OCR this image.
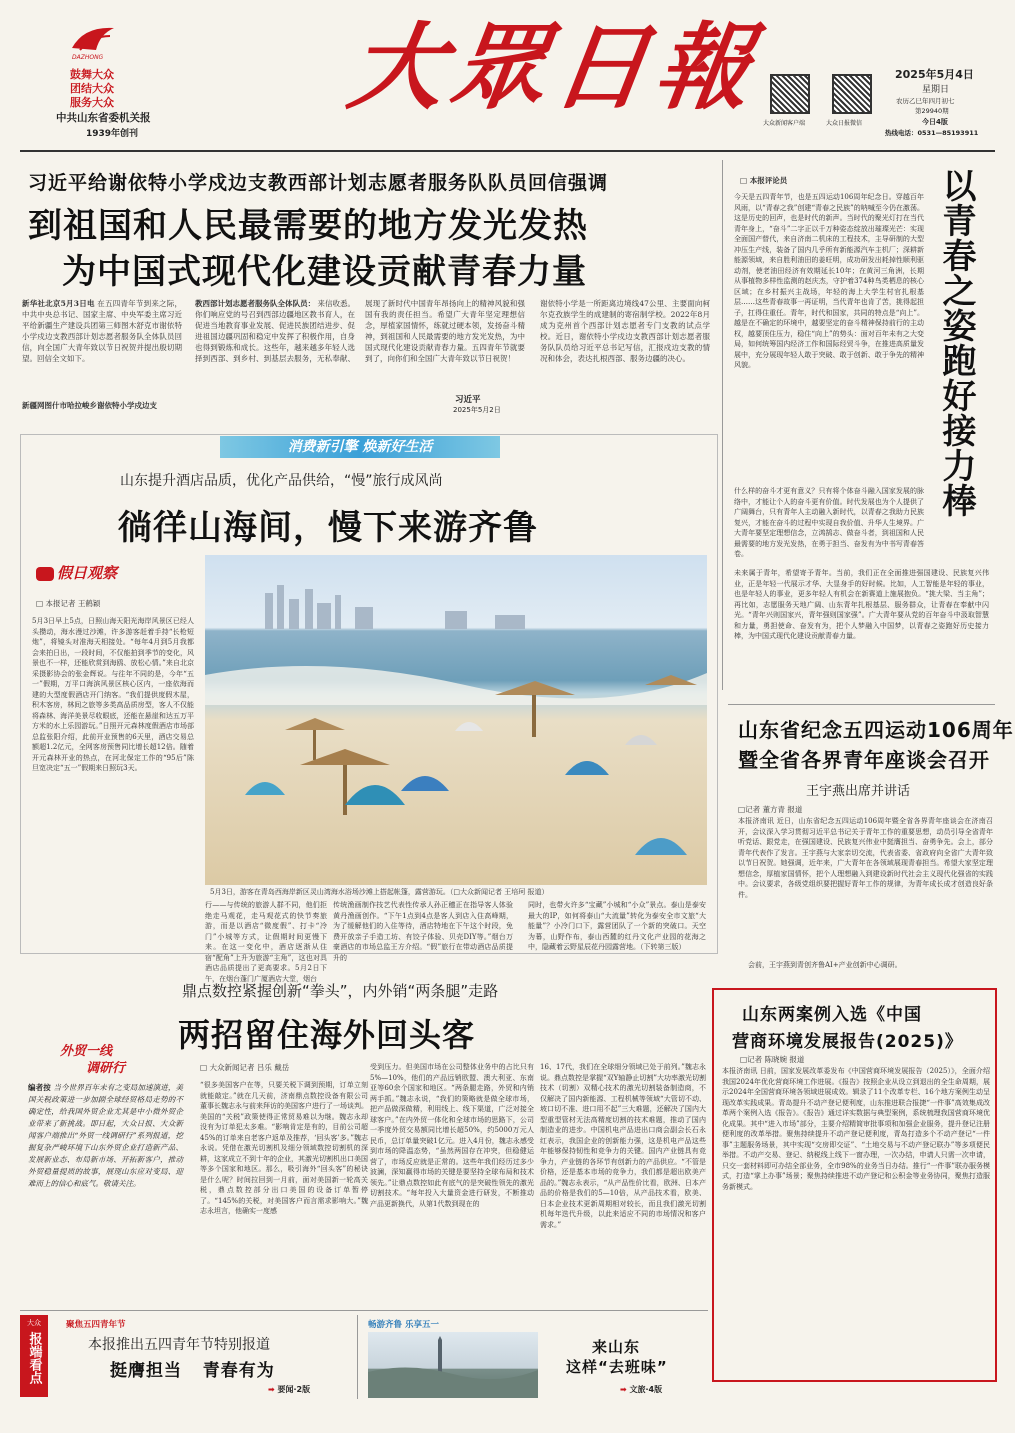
DAZHONG
鼓舞大众
团结大众
服务大众
中共山东省委机关报
1939年创刊
大眾日報
大众新闻客户端	大众日报微信
2025年5月4日
星期日
农历乙巳年四月初七
第29940期
今日4版
热线电话：0531—85193911
习近平给谢依特小学戍边支教西部计划志愿者服务队队员回信强调
到祖国和人民最需要的地方发光发热
为中国式现代化建设贡献青春力量
新华社北京5月3日电 在五四青年节到来之际，中共中央总书记、国家主席、中央军委主席习近平给新疆生产建设兵团第三师图木舒克市谢依特小学戍边支教西部计划志愿者服务队全体队员回信，向全国广大青年致以节日祝贺并提出殷切期望。回信全文如下。
新疆网图什市哈拉峻乡谢依特小学戍边支
教西部计划志愿者服务队全体队员： 来信收悉。你们响应党的号召到西部边疆地区教书育人，在促进当地教育事业发展、促进民族团结进步、促进祖国边疆巩固和稳定中发挥了积极作用，自身也得到锻炼和成长。这些年，越来越多年轻人选择到西部、到乡村、到基层去服务，无私奉献、展现了新时代中国青年昂扬向上的精神风貌和强国有我的责任担当。希望广大青年坚定理想信念，厚植家国情怀，练就过硬本领，发扬奋斗精神，到祖国和人民最需要的地方发光发热，为中国式现代化建设贡献青春力量。五四青年节就要到了，向你们和全国广大青年致以节日祝贺！
习近平
2025年5月2日
谢依特小学是一所距离边境线47公里、主要面向柯尔克孜族学生的成建制的寄宿制学校。2022年8月成为克州首个西部计划志愿者专门支教的试点学校。近日，谢依特小学戍边支教西部计划志愿者服务队队员给习近平总书记写信，汇报戍边支教的情况和体会，表达扎根西部、服务边疆的决心。
消费新引擎 焕新好生活
山东提升酒店品质，优化产品供给，“慢”旅行成风尚
徜徉山海间，慢下来游齐鲁
假日观察
□ 本报记者 王鹤颖
5月3日早上5点，日照山海天阳光海岸风景区已经人头攒动，海水漫过沙滩，许多游客赶着手持“长枪短炮”，将镜头对准海天相接处。“每年4月到5月我都会来拍日出，一段时间，不仅能拍到季节的变化，风景也不一样，还能欣赏到海鸥、放松心情。”来自北京采摄影协会的张金辉说。与往年不同的是，今年“五一”假期，万平口海滨风景区核心区内，一座依海而建的大型度假酒店开门纳客。“我们提供度假木屋，积木客房，林间之旅等多类高品质房型，客人不仅能将森林、海洋美景尽收眼底，还能在悬崖和达五万平方米的水上乐园游玩。”日照开元森林度假酒店市场部总监张阳介绍，此前开业预售的6天里，酒店交易总额超1.2亿元，全网客房预售同比增长超12倍。随着开元森林开业的热点，在河北保定工作的“95后”陈旦宽决定“五一”假期来日照玩3天。
5月3日，游客在青岛西海岸新区灵山湾海水浴场沙滩上搭起帐篷，露营游玩。（□大众新闻记者 王培珂 报道）
行——与传统的旅游人群不同，他们拒绝走马观花，走马观花式的快节奏旅游，而是以酒店“微度假”、打卡“冷门”小城等方式，让假期时间更慢下来。在这一变化中，酒店逐渐从住宿“配角”上升为旅游“主角”，这也对具酒店品质提出了更高要求。5月2日下午，在烟台蓬门广厦酒店大堂，烟台
传统渔画制作技艺代表性传承人孙正穗正在指导客人体验黄丹渔画创作。“下午1点到4点是客人到店入住高峰期，为了缓解他们的入住等待，酒店特地在下午这个时段，免费开放亲子手造工坊、有饺子体验、贝壳DIY等。”烟台万豪酒店的市场总监王方介绍。“假”旅行在带动酒店品质提升的
同时，也带火许多“宝藏”小城和“小众”景点。泰山是泰安最大的IP，如何将泰山“大流量”转化为泰安全市文旅“大能量”？小冷门口下，露营团队了一个新的突破口。天空为幕，山野作布，泰山西麓的红丹文化产业园的花海之中，隐藏着云野星辰花丹园露营地。（下转第三版）
鼎点数控紧握创新“拳头”，内外销“两条腿”走路
两招留住海外回头客
外贸一线
调研行
编者按 当今世界百年未有之变局加速演进，美国关税政策进一步加剧全球经贸格局走势的不确定性，给我国外贸企业尤其是中小微外贸企业带来了新挑战。即日起，大众日报、大众新闻客户端推出“外贸一线调研行”系列报道，挖掘复杂严峻环境下山东外贸企业打造新产品、发展新业态、布局新市场、开拓新客户，推动外贸稳量提质的故事，展现山东应对变局、迎难而上的信心和底气。敬请关注。
□ 大众新闻记者 吕乐 戴岳
“很多美国客户在等，只要关税下调到预期，订单立刻就能敲定。”就在几天前，济南鼎点数控设备有限公司董事长魏志永与前来拜访的美国客户进行了一场谈判。美国的“关税”政策使得正常贸易难以为继。魏志永却没有为订单犯太多难。“影响肯定是有的，目前公司超45%的订单来自老客户返单及推荐，‘回头客’多。”魏志永说。凭借在激光切割机及细分领域数控切割机的深耕，这家成立不到十年的企业，其激光切割机出口美国等多个国家和地区。那么，吸引海外“回头客”的秘诀是什么呢？时间拉回到一月前，面对美国新一轮高关税，鼎点数控部分出口美国的设备订单暂停了。“145%的关税，对美国客户而言需求影响大。”魏志永坦言，他确实一度感
受到压力。但美国市场在公司整体业务中的占比只有5%—10%，他们的产品远销欧盟、澳大利亚、东南亚等60余个国家和地区。“两条腿走路，外贸和内销两手抓。”魏志永说，“我们的策略就是做全球市场，把产品做深做精，利用线上、线下渠道，广泛对接全球客户。”在内外贸一体化和全球市场的思路下，公司一季度外贸交易额同比增长超50%，约5000万元人民币，总订单量突破1亿元。进入4月份，魏志永感受到市场的降温态势，“虽然两国存在冲突，但稳健运营了，市场反应就是正常的。这些年我们经历过多少波澜，深知赢得市场的关键是要坚持全球布局和技术领先。”让鼎点数控如此有底气的是突破性领先的激光切割技术。“每年投入大量资金进行研发，不断推动产品更新换代，从第1代数到现在的
16、17代，我们在全球细分领域已处于前列。”魏志永说。鼎点数控是掌握“双Y轴静止切割”大功率激光切割技术（切割）双精心技术的激光切割装备制造商，不仅解决了国内新能源、工程机械等领域“大管切不动、坡口切不准、进口用不起”三大难题，还解决了国内大型重型管材无法高精度切割的技术难题，推动了国内制造业的进步。中国机电产品进出口商会副会长石永红表示，我国企业的创新能力强，这是机电产品这些年能够保持韧性和竞争力的关键。国内产业链具有竞争力，产业链的各环节有创新力的产品供应。“不管是价格，还是基本市场的竞争力，我们都是超出欧美产品的。”魏志永表示，“从产品性价比看，欧洲、日本产品的价格是我们的5—10倍，从产品技术看，欧美、日本企业技术更新周期相对较长，而且我们激光切割机每年迭代升级，以此来适应不同的市场情况和客户需求。”
□ 本报评论员	以青春之姿跑好接力棒
今天是五四青年节，也是五四运动106周年纪念日。穿越百年风雨，以“青春之我”创建“青春之民族”的呐喊至今仍在激荡。这是历史的回声，也是时代的新声。当时代的聚光灯打在当代青年身上，“奋斗”二字正以千万种姿态绽放出璀璨光芒：实现全面国产替代，来自济南二机床的工程技术，主导研制的大型冲压生产线，装备了国内几乎所有新能源汽车主机厂；深耕新能源领域，来自胜利油田的姜旺明，成功研发出耗掉性顺利驱动剂，使老油田经济有效期延长10年；在黄河三角洲，长期从事植物多样性监测的赵庆杰，守护着374种鸟类栖息的核心区域；在乡村振兴主战场，年轻的海上大学生村官扎根基层……这些青春故事一再证明，当代青年也肯了苦，挑得起担子，扛得住重任。青年，时代和国家，共同的特点是“向上”。越是在不确定的环境中，越要坚定的奋斗精神保持前行的主动权，越要顶住压力，稳住“向上”的势头：面对百年未有之大变局，如何统筹国内经济工作和国际经贸斗争，在推进高质量发展中，充分展现年轻人敢于突破、敢于创新、敢于争先的精神风貌。
什么样的奋斗才更有意义？只有将个体奋斗融入国家发展的脉络中，才能让个人的奋斗更有价值。时代发展也为个人提供了广阔舞台，只有青年人主动融入新时代，以青春之我助力民族复兴，才能在奋斗的过程中实现自我价值、升华人生境界。广大青年要坚定理想信念，立鸿鹄志、做奋斗者，到祖国和人民最需要的地方发光发热，在勇于担当、奋发有为中书写青春答卷。
未来属于青年，希望寄予青年。当前，我们正在全面推进强国建设、民族复兴伟业，正是年轻一代展示才华、大显身手的好时候。比如，人工智能是年轻的事业，也是年轻人的事业，更多年轻人有机会在新赛道上施展抱负。“挑大梁、当主角”；再比如，志愿服务天地广阔、山东青年扎根基层、服务群众，让青春在奉献中闪光。“青年兴则国家兴，青年强则国家强”。广大青年要从党的百年奋斗中汲取智慧和力量，勇担使命、奋发有为，把个人梦融入中国梦，以青春之姿跑好历史接力棒，为中国式现代化建设贡献青春力量。
山东省纪念五四运动106周年
暨全省各界青年座谈会召开
王宇燕出席并讲话
□记者 董方青 报道
本报济南讯 近日，山东省纪念五四运动106周年暨全省各界青年座谈会在济南召开，会议深入学习贯彻习近平总书记关于青年工作的重要思想，动员引导全省青年听党话、跟党走，在强国建设、民族复兴伟业中挺膺担当、奋勇争先。会上，部分青年代表作了发言。王宇燕与大家亲切交流，代表省委、省政府向全省广大青年致以节日祝贺。她强调，近年来，广大青年在各领域展现青春担当。希望大家坚定理想信念，厚植家国情怀，把个人理想融入到建设新时代社会主义现代化强省的实践中。会议要求，各级党组织要把握好青年工作的规律，为青年成长成才创造良好条件。
会前，王宇燕到青创齐鲁AI+产业创新中心调研。
山东两案例入选《中国
营商环境发展报告(2025)》
□记者 陈晓婉 报道
本报济南讯 日前，国家发展改革委发布《中国营商环境发展报告（2025）》，全面介绍我国2024年优化营商环境工作进展。《报告》按照企业从设立到退出的全生命周期，展示2024年全国营商环境各领域进展成效。辑录了11个改革专栏、16个地方案例生动呈现改革实践成果。青岛提升不动产登记便利度，山东推进联合报捷“一件事”高效集成改革两个案例入选《报告》。《报告》通过详实数据与典型案例，系统梳理我国营商环境优化成果。其中“进入市场”部分，主要介绍精简审批事项和加强企业服务，提升登记注册便利度的改革举措。聚焦持续提升不动产登记便利度，青岛打造多个不动产登记“一件事”主题服务场景，其中实现“交房即交证”、“土地交易与不动产登记联办”等多项便民举措。不动产交易、登记、纳税线上线下一窗办理，一次办结，申请人只需一次申请，只交一套材料即可办结全部业务，全市98%的业务当日办结。推行“一件事”联办服务模式，打造“掌上办事”场景；聚焦持续推进不动产登记和公积金等业务协同，聚焦打造服务新模式。
大众
报端看点
聚焦五四青年节
本报推出五四青年节特别报道
挺膺担当   青春有为
➡ 要闻·2版
畅游齐鲁 乐享五一
来山东
这样“去班味”
➡ 文旅·4版
